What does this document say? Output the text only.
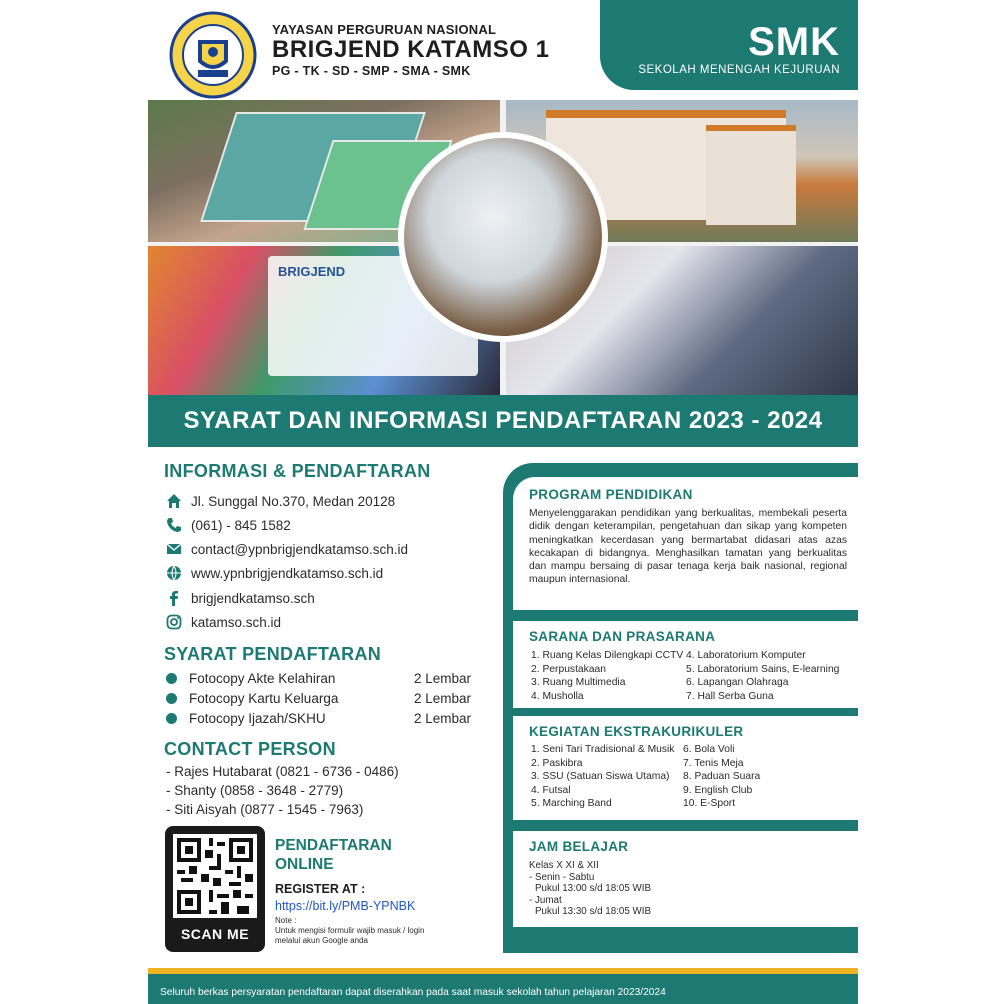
YAYASAN PERGURUAN NASIONAL
BRIGJEND KATAMSO 1
PG - TK - SD - SMP - SMA - SMK
SMK
SEKOLAH MENENGAH KEJURUAN
BRIGJEND
SYARAT DAN INFORMASI PENDAFTARAN 2023 - 2024
INFORMASI & PENDAFTARAN
Jl. Sunggal No.370, Medan 20128
(061) - 845 1582
contact@ypnbrigjendkatamso.sch.id
www.ypnbrigjendkatamso.sch.id
brigjendkatamso.sch
katamso.sch.id
SYARAT PENDAFTARAN
Fotocopy Akte Kelahiran	2 Lembar
Fotocopy Kartu Keluarga	2 Lembar
Fotocopy Ijazah/SKHU	2 Lembar
CONTACT PERSON
- Rajes Hutabarat (0821 - 6736 - 0486)
- Shanty (0858 - 3648 - 2779)
- Siti Aisyah (0877 - 1545 - 7963)
SCAN ME
PENDAFTARAN
ONLINE
REGISTER AT :
https://bit.ly/PMB-YPNBK
Note :
Untuk mengisi formulir wajib masuk / login
melalui akun Google anda
PROGRAM PENDIDIKAN
Menyelenggarakan pendidikan yang berkualitas, membekali peserta didik dengan keterampilan, pengetahuan dan sikap yang kompeten meningkatkan kecerdasan yang bermartabat didasari atas azas kecakapan di bidangnya. Menghasilkan tamatan yang berkualitas dan mampu bersaing di pasar tenaga kerja baik nasional, regional maupun internasional.
SARANA DAN PRASARANA
1. Ruang Kelas Dilengkapi CCTV
2. Perpustakaan
3. Ruang Multimedia
4. Musholla
4. Laboratorium Komputer
5. Laboratorium Sains, E-learning
6. Lapangan Olahraga
7. Hall Serba Guna
KEGIATAN EKSTRAKURIKULER
1. Seni Tari Tradisional & Musik
2. Paskibra
3. SSU (Satuan Siswa Utama)
4. Futsal
5. Marching Band
6. Bola Voli
7. Tenis Meja
8. Paduan Suara
9. English Club
10. E-Sport
JAM BELAJAR
Kelas X XI & XII
- Senin - Sabtu
Pukul 13:00 s/d 18:05 WIB
- Jumat
Pukul 13:30 s/d 18:05 WIB
Seluruh berkas persyaratan pendaftaran dapat diserahkan pada saat masuk sekolah tahun pelajaran 2023/2024
